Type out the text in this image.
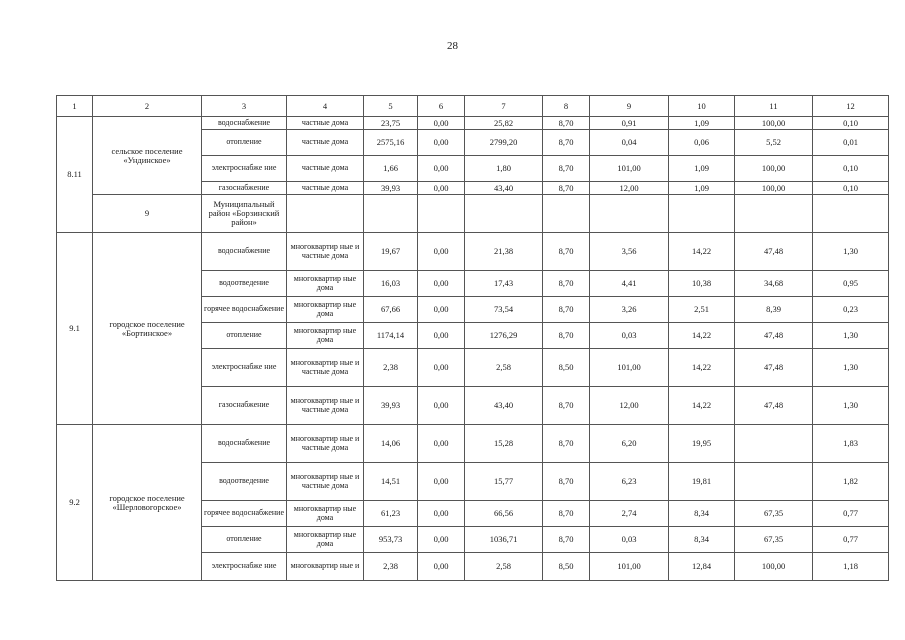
28
1	2	3	4	5	6	7	8	9	10	11	12	
8.11	сельское поселение «Ундинское»	водоснабжение	частные дома	23,75	0,00	25,82	8,70	0,91	1,09	100,00	0,10	
		отопление	частные дома	2575,16	0,00	2799,20	8,70	0,04	0,06	5,52	0,01	
		электроснабже ние	частные дома	1,66	0,00	1,80	8,70	101,00	1,09	100,00	0,10	
		газоснабжение	частные дома	39,93	0,00	43,40	8,70	12,00	1,09	100,00	0,10	
	9	Муниципальный район «Борзинский район»										
9.1	городское поселение «Бортинское»	водоснабжение	многоквартир ные и частные дома	19,67	0,00	21,38	8,70	3,56	14,22	47,48	1,30	
		водоотведение	многоквартир ные дома	16,03	0,00	17,43	8,70	4,41	10,38	34,68	0,95	
		горячее водоснабжение	многоквартир ные дома	67,66	0,00	73,54	8,70	3,26	2,51	8,39	0,23	
		отопление	многоквартир ные дома	1174,14	0,00	1276,29	8,70	0,03	14,22	47,48	1,30	
		электроснабже ние	многоквартир ные и частные дома	2,38	0,00	2,58	8,50	101,00	14,22	47,48	1,30	
		газоснабжение	многоквартир ные и частные дома	39,93	0,00	43,40	8,70	12,00	14,22	47,48	1,30	
9.2	городское поселение «Шерловогорское»	водоснабжение	многоквартир ные и частные дома	14,06	0,00	15,28	8,70	6,20	19,95		1,83	
		водоотведение	многоквартир ные и частные дома	14,51	0,00	15,77	8,70	6,23	19,81		1,82	
		горячее водоснабжение	многоквартир ные дома	61,23	0,00	66,56	8,70	2,74	8,34	67,35	0,77	
		отопление	многоквартир ные дома	953,73	0,00	1036,71	8,70	0,03	8,34	67,35	0,77	
		электроснабже ние	многоквартир ные и	2,38	0,00	2,58	8,50	101,00	12,84	100,00	1,18	
